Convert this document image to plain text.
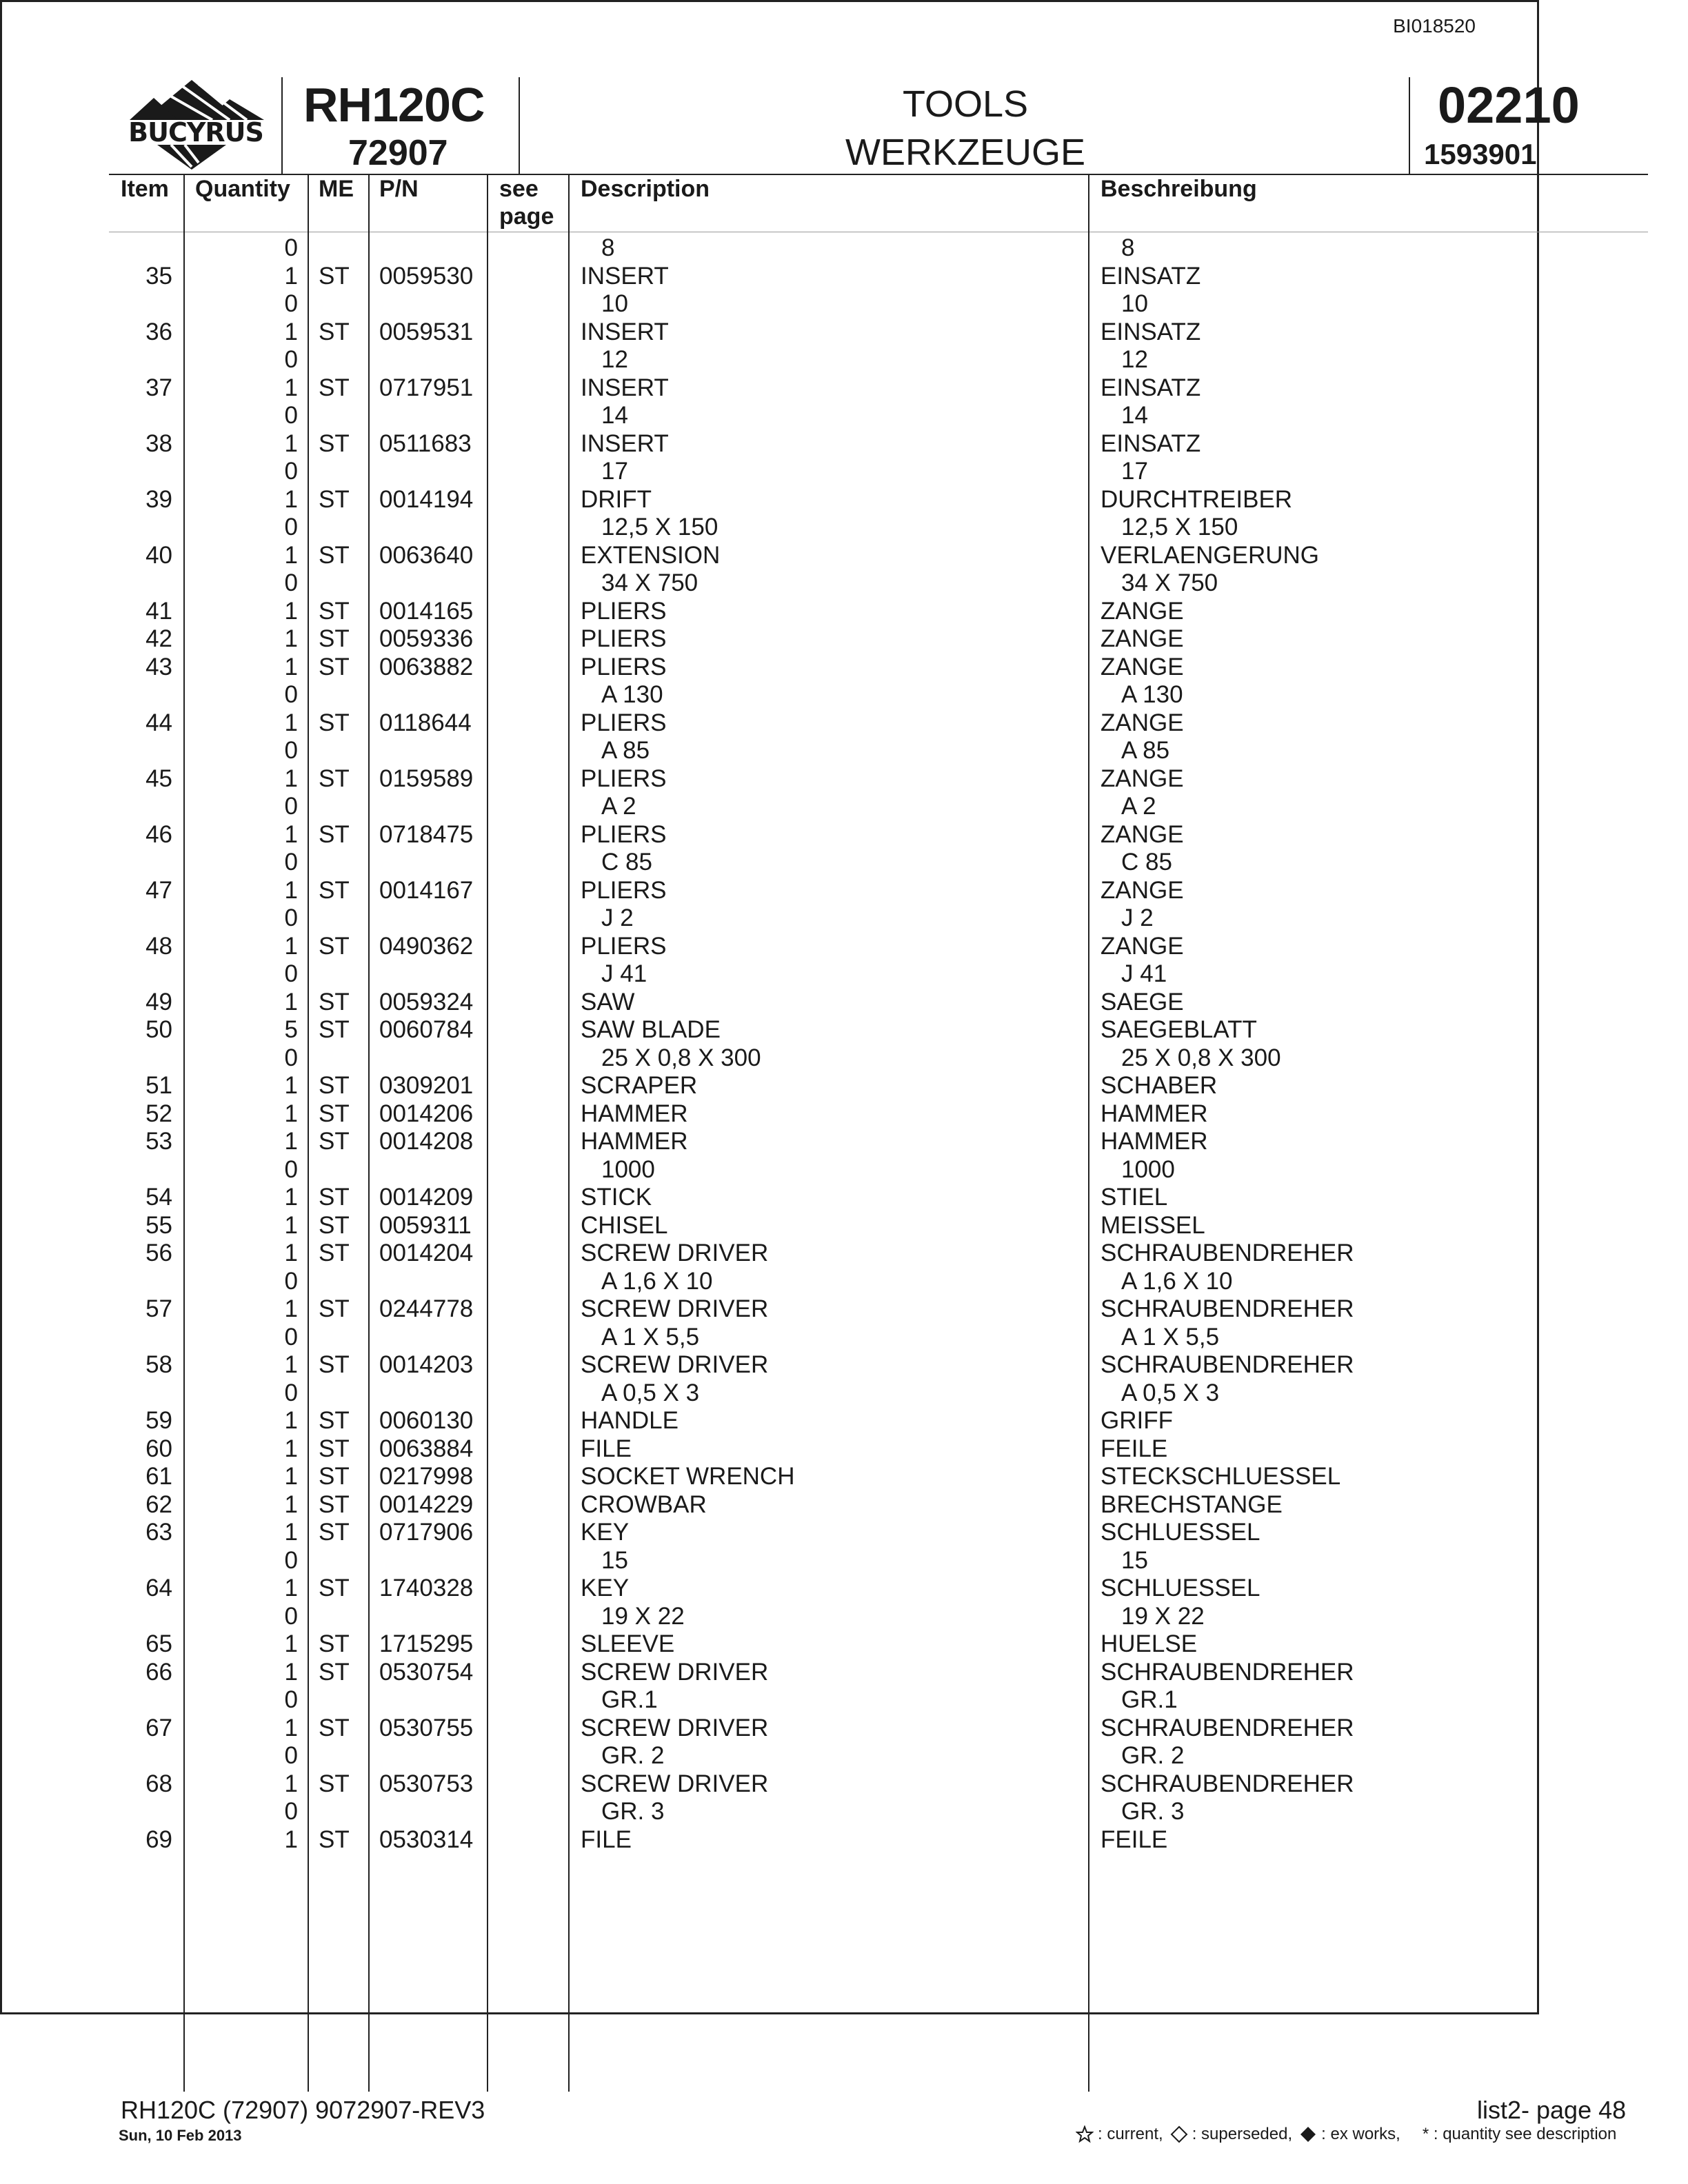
BI018520
BUCYRUS
RH120C
72907
TOOLS
WERKZEUGE
02210
1593901
Item Quantity ME P/N	see
page
Description	Beschreibung
0	8	8
35	1 ST 0059530	INSERT	EINSATZ
0	10	10
36	1 ST 0059531	INSERT	EINSATZ
0	12	12
37	1 ST 0717951	INSERT	EINSATZ
0	14	14
38	1 ST 0511683	INSERT	EINSATZ
0	17	17
39	1 ST 0014194	DRIFT	DURCHTREIBER
0	12,5 X 150	12,5 X 150
40	1 ST 0063640	EXTENSION	VERLAENGERUNG
0	34 X 750	34 X 750
41	1 ST 0014165	PLIERS	ZANGE
42	1 ST 0059336	PLIERS	ZANGE
43	1 ST 0063882	PLIERS	ZANGE
0	A 130	A 130
44	1 ST 0118644	PLIERS	ZANGE
0	A 85	A 85
45	1 ST 0159589	PLIERS	ZANGE
0	A 2	A 2
46	1 ST 0718475	PLIERS	ZANGE
0	C 85	C 85
47	1 ST 0014167	PLIERS	ZANGE
0	J 2	J 2
48	1 ST 0490362	PLIERS	ZANGE
0	J 41	J 41
49	1 ST 0059324	SAW	SAEGE
50	5 ST 0060784	SAW BLADE	SAEGEBLATT
0	25 X 0,8 X 300	25 X 0,8 X 300
51	1 ST 0309201	SCRAPER	SCHABER
52	1 ST 0014206	HAMMER	HAMMER
53	1 ST 0014208	HAMMER	HAMMER
0	1000	1000
54	1 ST 0014209	STICK	STIEL
55	1 ST 0059311	CHISEL	MEISSEL
56	1 ST 0014204	SCREW DRIVER	SCHRAUBENDREHER
0	A 1,6 X 10	A 1,6 X 10
57	1 ST 0244778	SCREW DRIVER	SCHRAUBENDREHER
0	A 1 X 5,5	A 1 X 5,5
58	1 ST 0014203	SCREW DRIVER	SCHRAUBENDREHER
0	A 0,5 X 3	A 0,5 X 3
59	1 ST 0060130	HANDLE	GRIFF
60	1 ST 0063884	FILE	FEILE
61	1 ST 0217998	SOCKET WRENCH	STECKSCHLUESSEL
62	1 ST 0014229	CROWBAR	BRECHSTANGE
63	1 ST 0717906	KEY	SCHLUESSEL
0	15	15
64	1 ST 1740328	KEY	SCHLUESSEL
0	19 X 22	19 X 22
65	1 ST 1715295	SLEEVE	HUELSE
66	1 ST 0530754	SCREW DRIVER	SCHRAUBENDREHER
0	GR.1	GR.1
67	1 ST 0530755	SCREW DRIVER	SCHRAUBENDREHER
0	GR. 2	GR. 2
68	1 ST 0530753	SCREW DRIVER	SCHRAUBENDREHER
0	GR. 3	GR. 3
69	1 ST 0530314	FILE	FEILE
RH120C (72907) 9072907-REV3
Sun, 10 Feb 2013
list2- page 48
: current, : superseded, : ex works, * : quantity see description
